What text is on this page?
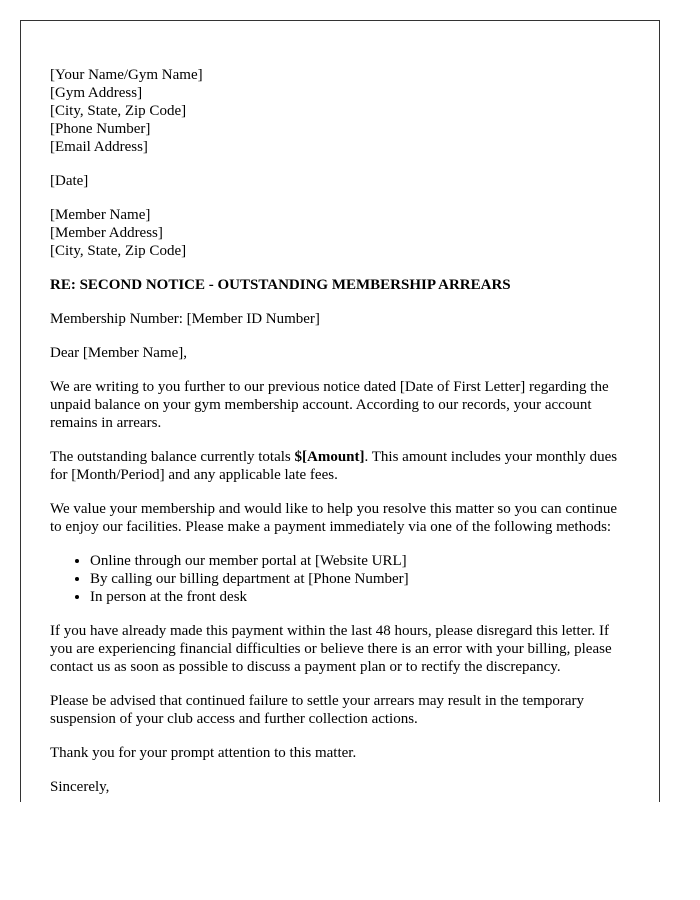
[Your Name/Gym Name]
[Gym Address]
[City, State, Zip Code]
[Phone Number]
[Email Address]

[Date]

[Member Name]
[Member Address]
[City, State, Zip Code]

RE: SECOND NOTICE - OUTSTANDING MEMBERSHIP ARREARS

Membership Number: [Member ID Number]

Dear [Member Name],

We are writing to you further to our previous notice dated [Date of First Letter] regarding the unpaid balance on your gym membership account. According to our records, your account remains in arrears.

The outstanding balance currently totals $[Amount]. This amount includes your monthly dues for [Month/Period] and any applicable late fees.

We value your membership and would like to help you resolve this matter so you can continue to enjoy our facilities. Please make a payment immediately via one of the following methods:

• Online through our member portal at [Website URL]
• By calling our billing department at [Phone Number]
• In person at the front desk

If you have already made this payment within the last 48 hours, please disregard this letter. If you are experiencing financial difficulties or believe there is an error with your billing, please contact us as soon as possible to discuss a payment plan or to rectify the discrepancy.

Please be advised that continued failure to settle your arrears may result in the temporary suspension of your club access and further collection actions.

Thank you for your prompt attention to this matter.

Sincerely,
